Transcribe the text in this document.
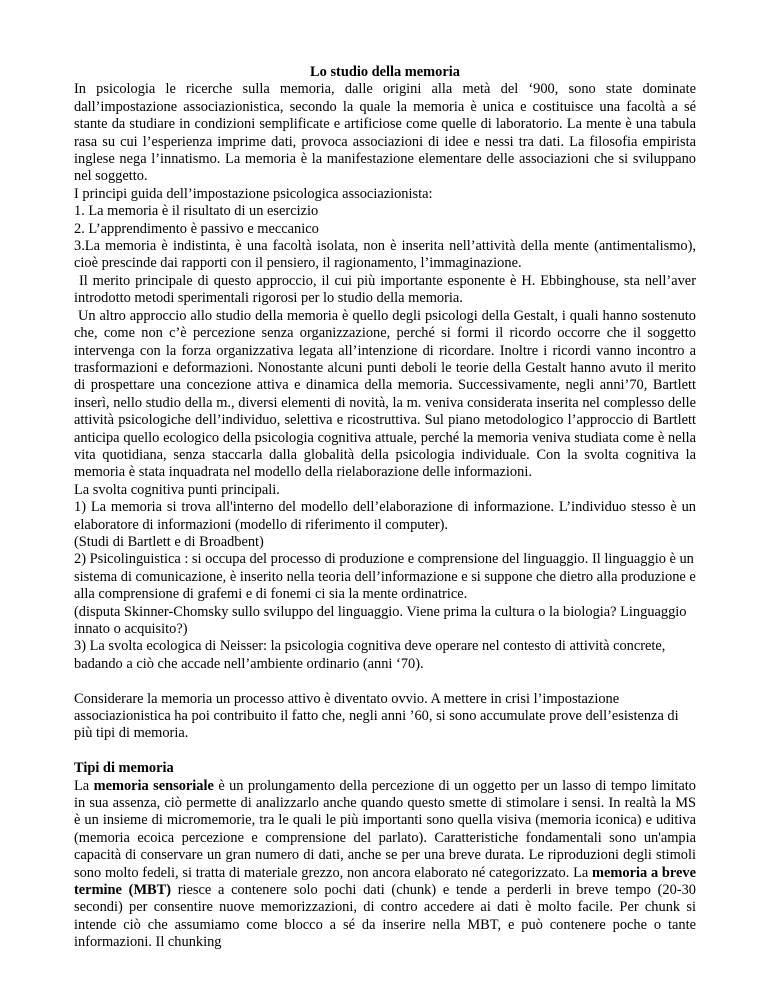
Lo studio della memoria

In psicologia le ricerche sulla memoria, dalle origini alla metà del ‘900, sono state dominate dall’impostazione associazionistica, secondo la quale la memoria è unica e costituisce una facoltà a sé stante da studiare in condizioni semplificate e artificiose come quelle di laboratorio. La mente è una tabula rasa su cui l’esperienza imprime dati, provoca associazioni di idee e nessi tra dati. La filosofia empirista inglese nega l’innatismo. La memoria è la manifestazione elementare delle associazioni che si sviluppano nel soggetto.

I principi guida dell’impostazione psicologica associazionista:

1. La memoria è il risultato di un esercizio

2. L’apprendimento è passivo e meccanico

3.La memoria è indistinta, è una facoltà isolata, non è inserita nell’attività della mente (antimentalismo), cioè prescinde dai rapporti con il pensiero, il ragionamento, l’immaginazione.

Il merito principale di questo approccio, il cui più importante esponente è H. Ebbinghouse, sta nell’aver introdotto metodi sperimentali rigorosi per lo studio della memoria.

Un altro approccio allo studio della memoria è quello degli psicologi della Gestalt, i quali hanno sostenuto che, come non c’è percezione senza organizzazione, perché si formi il ricordo occorre che il soggetto intervenga con la forza organizzativa legata all’intenzione di ricordare. Inoltre i ricordi vanno incontro a trasformazioni e deformazioni. Nonostante alcuni punti deboli le teorie della Gestalt hanno avuto il merito di prospettare una concezione attiva e dinamica della memoria. Successivamente, negli anni’70, Bartlett inserì, nello studio della m., diversi elementi di novità, la m. veniva considerata inserita nel complesso delle attività psicologiche dell’individuo, selettiva e ricostruttiva. Sul piano metodologico l’approccio di Bartlett anticipa quello ecologico della psicologia cognitiva attuale, perché la memoria veniva studiata come è nella vita quotidiana, senza staccarla dalla globalità della psicologia individuale. Con la svolta cognitiva la memoria è stata inquadrata nel modello della rielaborazione delle informazioni.

La svolta cognitiva punti principali.

1) La memoria si trova all'interno del modello dell’elaborazione di informazione. L’individuo stesso è un elaboratore di informazioni (modello di riferimento il computer).

(Studi di Bartlett e di Broadbent)

2) Psicolinguistica : si occupa del processo di produzione e comprensione del linguaggio. Il linguaggio è un sistema di comunicazione, è inserito nella teoria dell’informazione e si suppone che dietro alla produzione e alla comprensione di grafemi e di fonemi ci sia la mente ordinatrice.

(disputa Skinner-Chomsky sullo sviluppo del linguaggio. Viene prima la cultura o la biologia? Linguaggio innato o acquisito?)

3) La svolta ecologica di Neisser: la psicologia cognitiva deve operare nel contesto di attività concrete, badando a ciò che accade nell’ambiente ordinario (anni ‘70).

Considerare la memoria un processo attivo è diventato ovvio. A mettere in crisi l’impostazione associazionistica ha poi contribuito il fatto che, negli anni ’60, si sono accumulate prove dell’esistenza di più tipi di memoria.

Tipi di memoria

La memoria sensoriale è un prolungamento della percezione di un oggetto per un lasso di tempo limitato in sua assenza, ciò permette di analizzarlo anche quando questo smette di stimolare i sensi. In realtà la MS è un insieme di micromemorie, tra le quali le più importanti sono quella visiva (memoria iconica) e uditiva (memoria ecoica percezione e comprensione del parlato). Caratteristiche fondamentali sono un'ampia capacità di conservare un gran numero di dati, anche se per una breve durata. Le riproduzioni degli stimoli sono molto fedeli, si tratta di materiale grezzo, non ancora elaborato né categorizzato. La memoria a breve termine (MBT) riesce a contenere solo pochi dati (chunk) e tende a perderli in breve tempo (20-30 secondi) per consentire nuove memorizzazioni, di contro accedere ai dati è molto facile. Per chunk si intende ciò che assumiamo come blocco a sé da inserire nella MBT, e può contenere poche o tante informazioni. Il chunking
